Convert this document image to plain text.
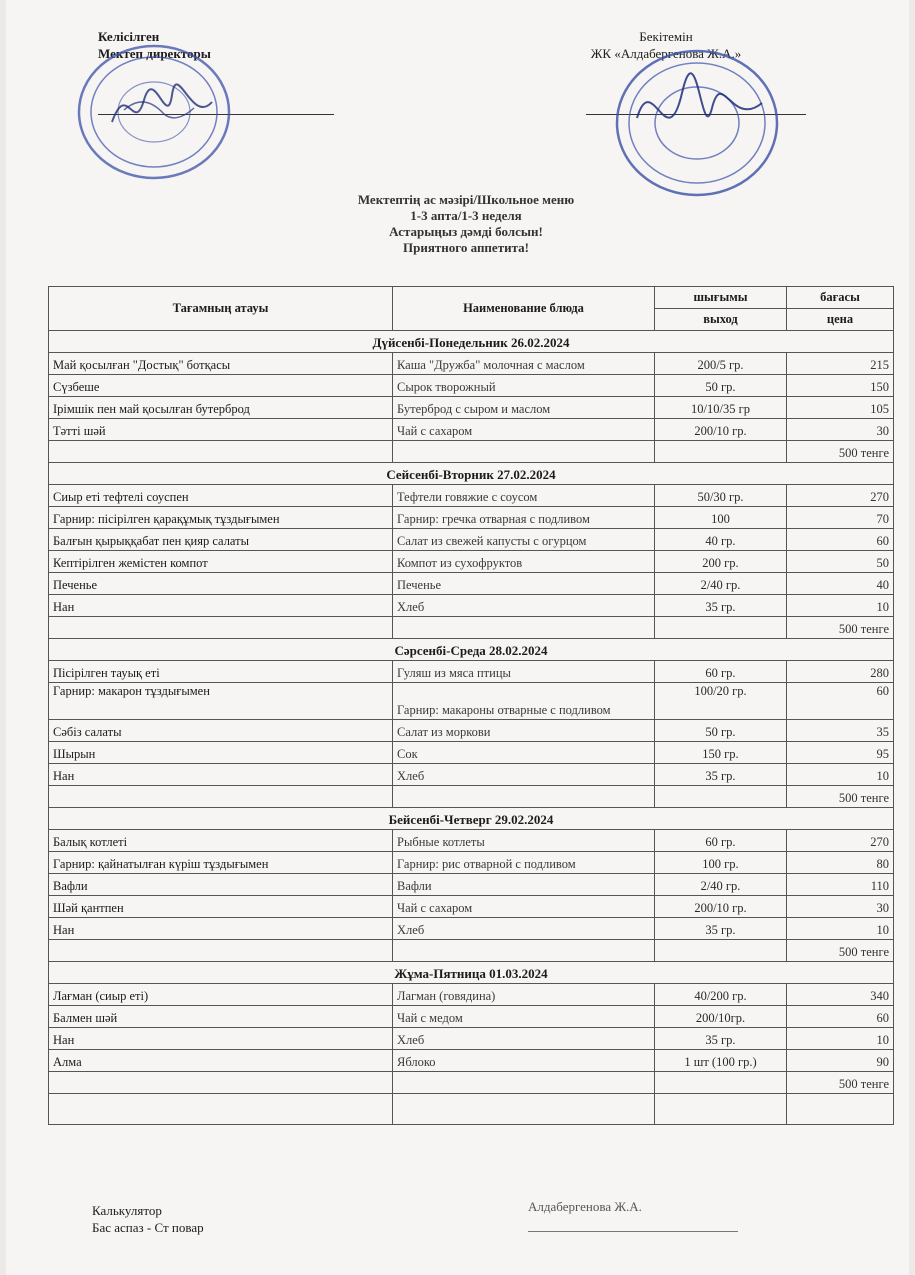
Келісілген
Мектеп директоры
Бекітемін
ЖК «Алдабергенова Ж.А.»
Мектептің ас мәзірі/Школьное меню
1-3 апта/1-3 неделя
Астарыңыз дәмді болсын!
Приятного аппетита!
Тағамның атауы	Наименование блюда	шығымы	бағасы
		выход	цена
Дүйсенбі-Понедельник 26.02.2024			
Май қосылған "Достық" ботқасы	Каша "Дружба" молочная с маслом	200/5 гр.	215
Сүзбеше	Сырок творожный	50 гр.	150
Ірімшік пен май қосылған бутерброд	Бутерброд с сыром и маслом	10/10/35 гр	105
Тәтті шәй	Чай с сахаром	200/10 гр.	30
			500 тенге
Сейсенбі-Вторник 27.02.2024			
Сиыр еті тефтелі соуспен	Тефтели говяжие с соусом	50/30 гр.	270
Гарнир: пісірілген қарақұмық тұздығымен	Гарнир: гречка отварная с подливом	100	70
Балғын қырыққабат пен қияр салаты	Салат из свежей капусты с огурцом	40 гр.	60
Кептірілген жемістен компот	Компот из сухофруктов	200 гр.	50
Печенье	Печенье	2/40 гр.	40
Нан	Хлеб	35 гр.	10
			500 тенге
Сәрсенбі-Среда 28.02.2024			
Пісірілген тауық еті	Гуляш из мяса птицы	60 гр.	280
Гарнир: макарон тұздығымен	Гарнир: макароны отварные с подливом	100/20 гр.	60
Сәбіз салаты	Салат из моркови	50 гр.	35
Шырын	Сок	150 гр.	95
Нан	Хлеб	35 гр.	10
			500 тенге
Бейсенбі-Четверг 29.02.2024			
Балық котлеті	Рыбные котлеты	60 гр.	270
Гарнир: қайнатылған күріш тұздығымен	Гарнир: рис отварной с подливом	100 гр.	80
Вафли	Вафли	2/40 гр.	110
Шәй қантпен	Чай с сахаром	200/10 гр.	30
Нан	Хлеб	35 гр.	10
			500 тенге
Жұма-Пятница 01.03.2024			
Лағман (сиыр еті)	Лагман (говядина)	40/200 гр.	340
Балмен шәй	Чай с медом	200/10гр.	60
Нан	Хлеб	35 гр.	10
Алма	Яблоко	1 шт (100 гр.)	90
			500 тенге

Калькулятор
Бас аспаз - Ст повар
Алдабергенова Ж.А.
